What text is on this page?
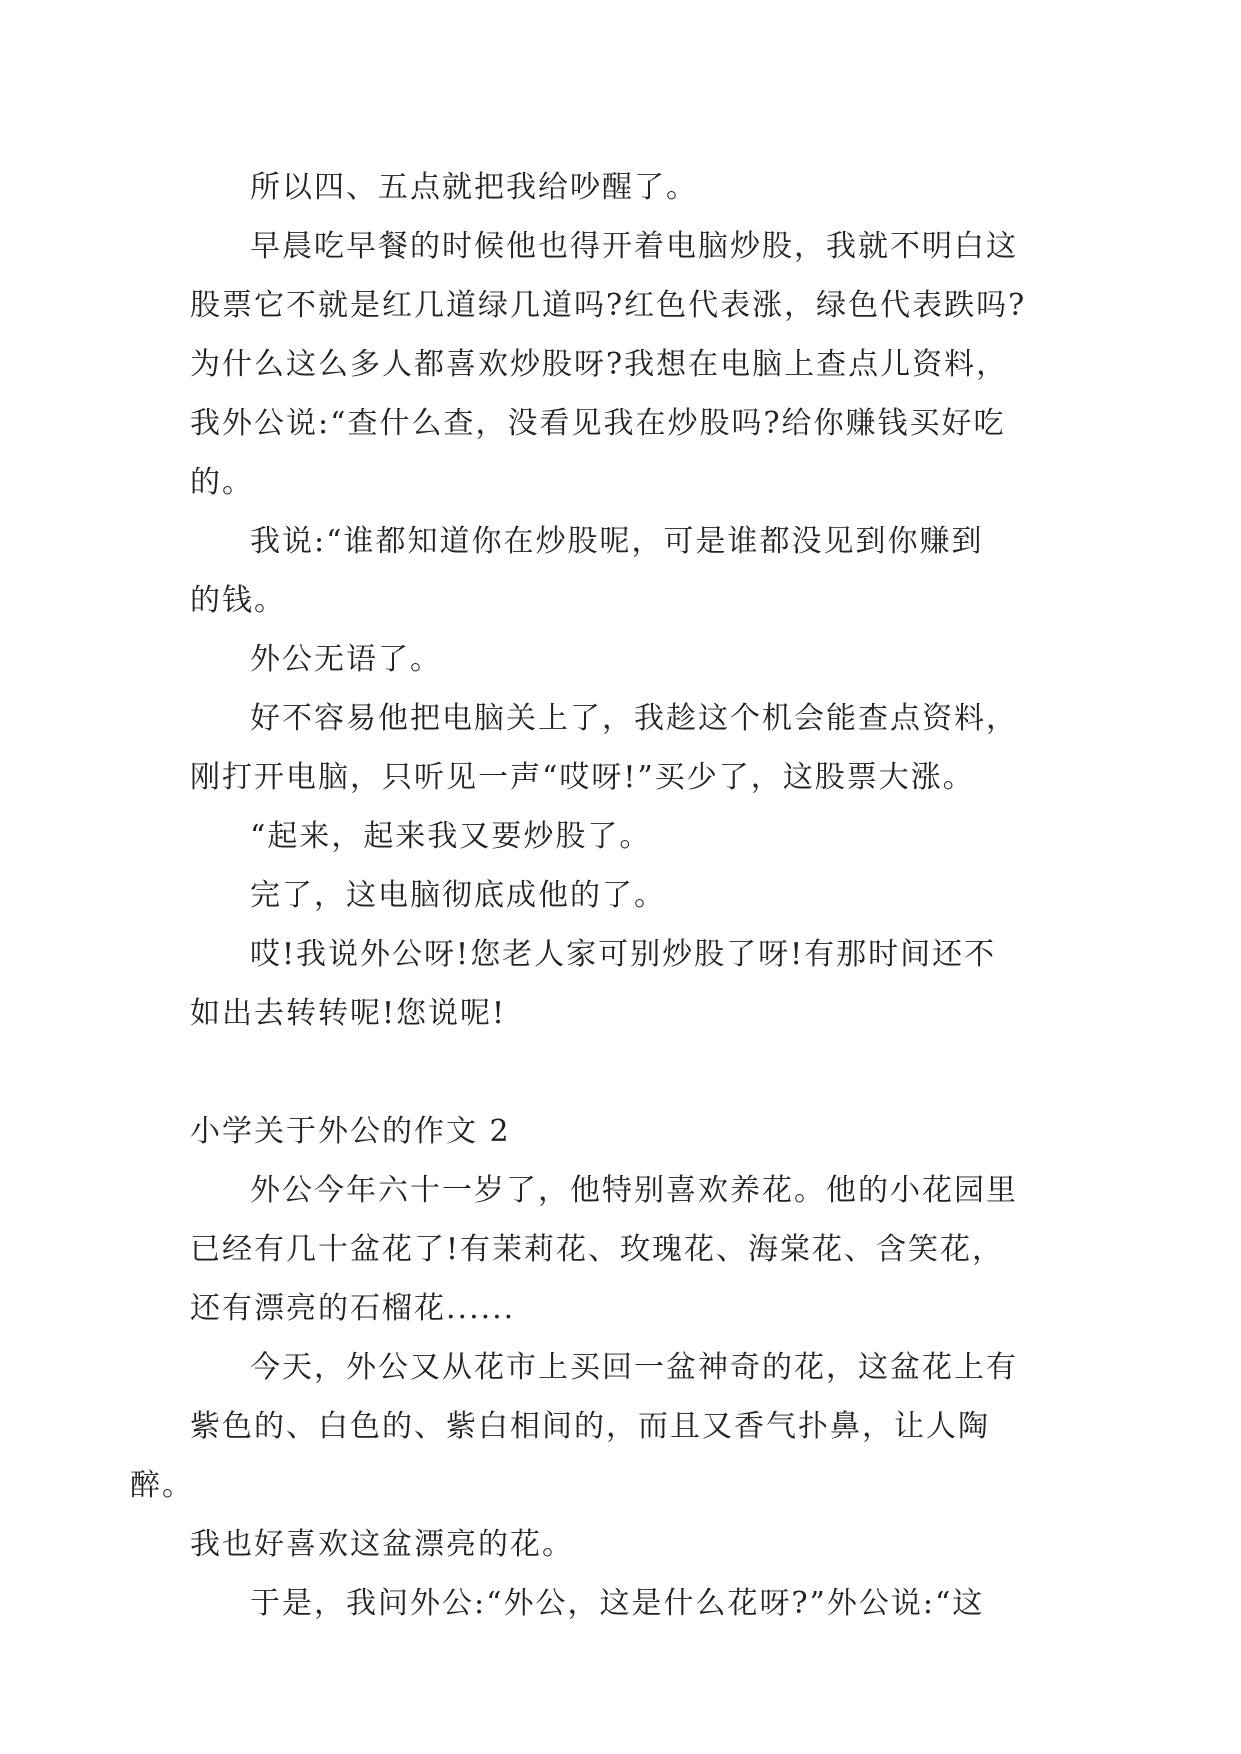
所以四、五点就把我给吵醒了。

早晨吃早餐的时候他也得开着电脑炒股，我就不明白这
股票它不就是红几道绿几道吗?红色代表涨，绿色代表跌吗?
为什么这么多人都喜欢炒股呀?我想在电脑上查点儿资料，
我外公说:“查什么查，没看见我在炒股吗?给你赚钱买好吃
的。

我说:“谁都知道你在炒股呢，可是谁都没见到你赚到
的钱。

外公无语了。

好不容易他把电脑关上了，我趁这个机会能查点资料，
刚打开电脑，只听见一声“哎呀!”买少了，这股票大涨。

“起来，起来我又要炒股了。

完了，这电脑彻底成他的了。

哎!我说外公呀!您老人家可别炒股了呀!有那时间还不
如出去转转呢!您说呢!

小学关于外公的作文 2

外公今年六十一岁了，他特别喜欢养花。他的小花园里
已经有几十盆花了!有茉莉花、玫瑰花、海棠花、含笑花，
还有漂亮的石榴花......

今天，外公又从花市上买回一盆神奇的花，这盆花上有
紫色的、白色的、紫白相间的，而且又香气扑鼻，让人陶醉。
我也好喜欢这盆漂亮的花。

于是，我问外公:“外公，这是什么花呀?”外公说:“这
